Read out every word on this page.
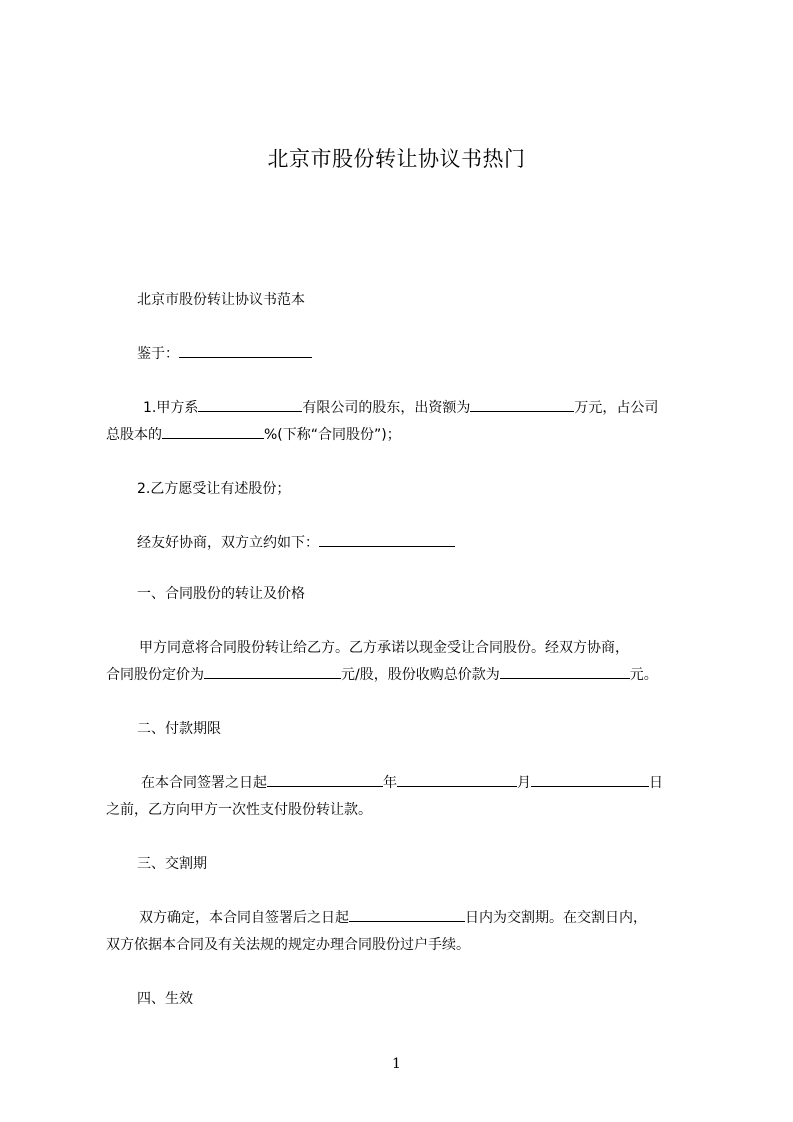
北京市股份转让协议书热门
北京市股份转让协议书范本
鉴于：
1.甲方系	有限公司的股东，出资额为	万元，占公司
总股本的	%(下称“合同股份”)；
2.乙方愿受让有述股份；
经友好协商，双方立约如下：
一、合同股份的转让及价格
甲方同意将合同股份转让给乙方。乙方承诺以现金受让合同股份。经双方协商，
合同股份定价为	元/股，股份收购总价款为	元。
二、付款期限
在本合同签署之日起	年	月	日
之前，乙方向甲方一次性支付股份转让款。
三、交割期
双方确定，本合同自签署后之日起	日内为交割期。在交割日内，
双方依据本合同及有关法规的规定办理合同股份过户手续。
四、生效
1
